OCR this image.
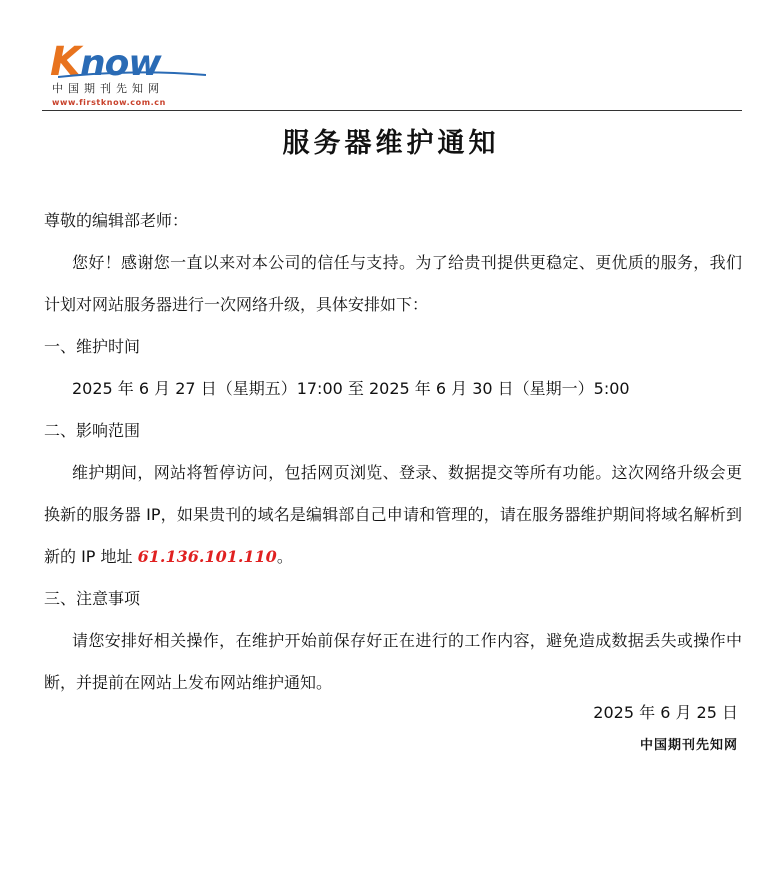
Know
中国期刊先知网
www.firstknow.com.cn
服务器维护通知

尊敬的编辑部老师：

您好！感谢您一直以来对本公司的信任与支持。为了给贵刊提供更稳定、更优质的服务，我们计划对网站服务器进行一次网络升级，具体安排如下：

一、维护时间

2025 年 6 月 27 日（星期五）17:00 至 2025 年 6 月 30 日（星期一）5:00

二、影响范围

维护期间，网站将暂停访问，包括网页浏览、登录、数据提交等所有功能。这次网络升级会更换新的服务器 IP，如果贵刊的域名是编辑部自己申请和管理的，请在服务器维护期间将域名解析到新的 IP 地址 61.136.101.110。

三、注意事项

请您安排好相关操作，在维护开始前保存好正在进行的工作内容，避免造成数据丢失或操作中断，并提前在网站上发布网站维护通知。

2025 年 6 月 25 日
中国期刊先知网
